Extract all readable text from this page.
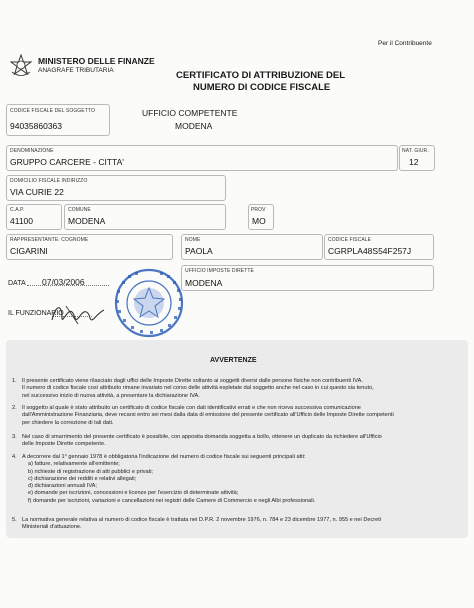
Per il Contribuente
MINISTERO DELLE FINANZE
ANAGRAFE TRIBUTARIA	CERTIFICATO DI ATTRIBUZIONE DEL
NUMERO DI CODICE FISCALE
CODICE FISCALE DEL SOGGETTO
94035860363
UFFICIO COMPETENTE
MODENA
DENOMINAZIONE
GRUPPO CARCERE - CITTA'
NAT. GIUR.
12
DOMICILIO FISCALE INDIRIZZO
VIA CURIE 22
C.A.P.
41100
COMUNE
MODENA
PROV
MO
RAPPRESENTANTE: COGNOME
CIGARINI
NOME
PAOLA
CODICE FISCALE
CGRPLA48S54F257J
UFFICIO IMPOSTE DIRETTE
MODENA
DATA 07/03/2006
IL FUNZIONARIO
AVVERTENZE
1. Il presente certificato viene rilasciato dagli uffici delle Imposte Dirette soltanto ai soggetti diversi dalle persone fisiche non contribuenti IVA.
Il numero di codice fiscale così attribuito rimane invariato nel corso delle attività espletate dal soggetto anche nel caso in cui questo sia tenuto,
nel successivo inizio di nuova attività, a presentare la dichiarazione IVA.
2. Il soggetto al quale è stato attribuito un certificato di codice fiscale con dati identificativi errati e che non riceva successiva comunicazione
dall'Amministrazione Finanziaria, deve recarsi entro sei mesi dalla data di emissione del presente certificato all'Ufficio delle Imposte Dirette competenti
per chiedere la correzione di tali dati.
3. Nel caso di smarrimento del presente certificato è possibile, con apposita domanda soggetta a bollo, ottenere un duplicato da richiedere all'Ufficio
delle Imposte Dirette competente.
4. A decorrere dal 1° gennaio 1978 è obbligatoria l'indicazione del numero di codice fiscale sui seguenti principali atti:
a) fatture, relativamente all'emittente;
b) richieste di registrazione di atti pubblici e privati;
c) dichiarazione dei redditi e relativi allegati;
d) dichiarazioni annuali IVA;
e) domande per iscrizioni, concessioni e licenze per l'esercizio di determinate attività;
f) domande per iscrizioni, variazioni e cancellazioni nei registri delle Camere di Commercio e negli Albi professionali.
5. La normativa generale relativa al numero di codice fiscale è trattata nei D.P.R. 2 novembre 1976, n. 784 e 23 dicembre 1977, n. 955 e nei Decreti
Ministeriali d'attuazione.
